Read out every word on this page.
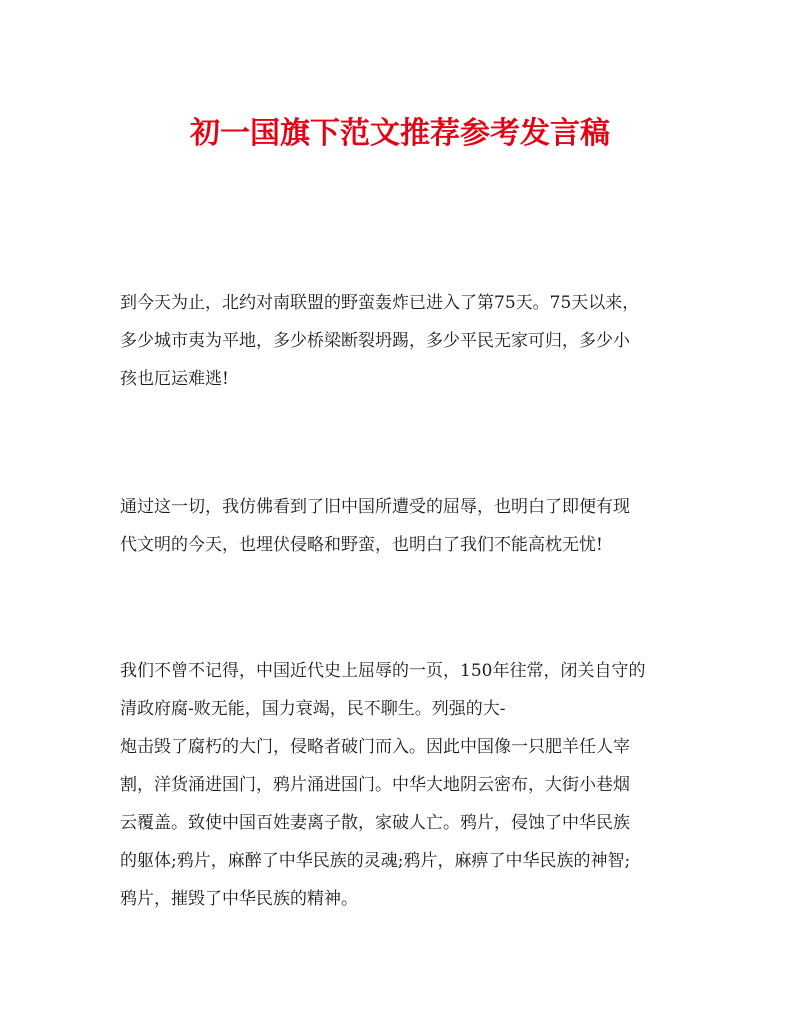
初一国旗下范文推荐参考发言稿
到今天为止，北约对南联盟的野蛮轰炸已进入了第75天。75天以来，
多少城市夷为平地，多少桥梁断裂坍踢，多少平民无家可归，多少小
孩也厄运难逃!
通过这一切，我仿佛看到了旧中国所遭受的屈辱，也明白了即便有现
代文明的今天，也埋伏侵略和野蛮，也明白了我们不能高枕无忧!
我们不曾不记得，中国近代史上屈辱的一页，150年往常，闭关自守的
清政府腐-败无能，国力衰竭，民不聊生。列强的大-
炮击毁了腐朽的大门，侵略者破门而入。因此中国像一只肥羊任人宰
割，洋货涌进国门，鸦片涌进国门。中华大地阴云密布，大街小巷烟
云覆盖。致使中国百姓妻离子散，家破人亡。鸦片，侵蚀了中华民族
的躯体;鸦片，麻醉了中华民族的灵魂;鸦片，麻痹了中华民族的神智;
鸦片，摧毁了中华民族的精神。
